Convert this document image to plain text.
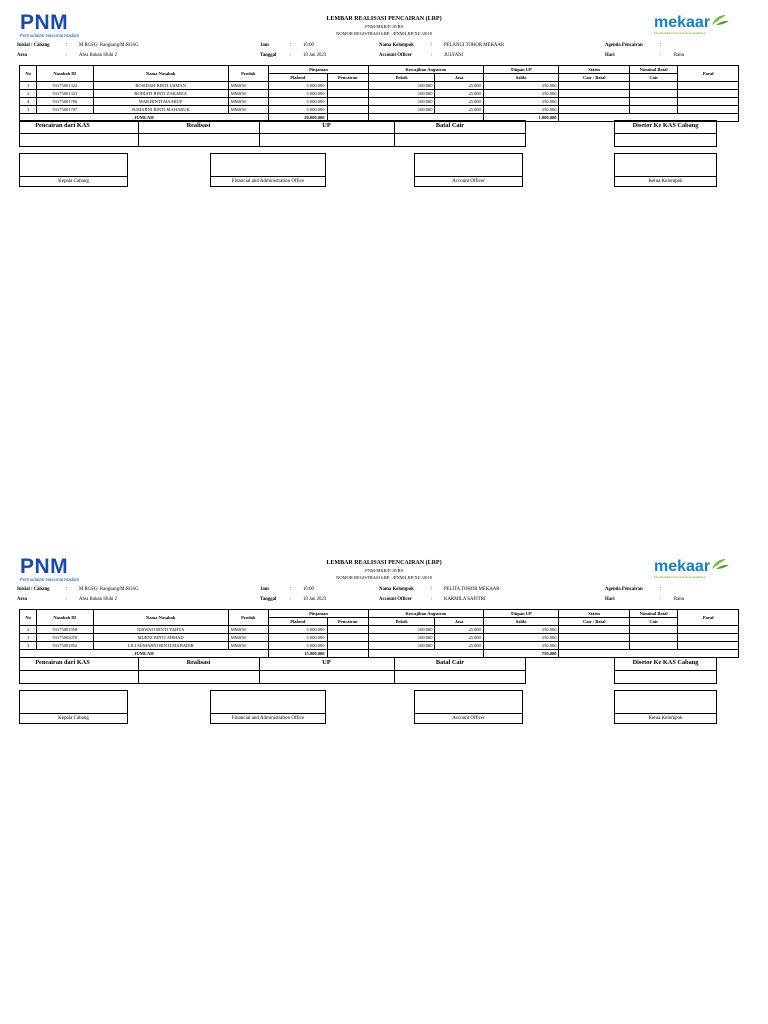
PNM
Permodalan Nasional Madani
mekaar
Membina Ekonomi Keluarga Sejahtera
LEMBAR REALISASI PENCAIRAN (LRP)
PNM-MKR/F-10/R0
NOMOR REGISTRASI LRP : /PNM/LRP/XI/ /2018
Inisial / Cabang	: M.RGSG- Rangsang/M.RGSG
Area	: Area Bukan Sluhi 2
Jam	: 10:00
Tanggal	: 18 Jan 2023
Nama Kelompok	: PELANGI TOHOR MEKAAR
Account Officer	: JULYANI
Agenda Pencairan	:
Hari	:	Rabu
No	Nasabah ID	Nama Nasabah	Produk	Pinjaman		Kewajiban Angsuran		Titipan UP	Status	Nominal Batal	Paraf
				Plafond	Pencairan	Pokok	Jasa	Saldo	Cair / Batal	Cair	
1	93175001322	ROSIDAH BINTI USMAN	MMS50	5.000.000		100.000	25.000	250.000			
2	93175001323	RODIATI BINTI ZAKARIA	MMS50	5.000.000		100.000	25.000	250.000			
4	93175001796	MAR BINTI MAARUF	MMS50	5.000.000		100.000	25.000	250.000			
3	93175001797	SUMARNI BINTI MAHARUK	MMS50	5.000.000		100.000	25.000	250.000			
JUMLAH				20.000.000				1.000.000			
Pencairan dari KAS	Realisasi	UP	Batal Cair	Disetor Ke KAS Cabang
Kepala Cabang	Financial and Administration Office	Account Officer	Ketua Kelompok
PNM
Permodalan Nasional Madani
mekaar
Membina Ekonomi Keluarga Sejahtera
LEMBAR REALISASI PENCAIRAN (LRP)
PNM-MKR/F-10/R0
NOMOR REGISTRASI LRP : /PNM/LRP/XI/ /2018
Inisial / Cabang	: M.RGSG- Rangsang/M.RGSG
Area	: Area Bukan Sluhi 2
Jam	: 10:00
Tanggal	: 18 Jan 2023
Nama Kelompok	: PELITA TOHOR MEKAAR
Account Officer	: KARMILA SAFITRI
Agenda Pencairan	:
Hari	:	Rabu
No	Nasabah ID	Nama Nasabah	Produk	Pinjaman		Kewajiban Angsuran		Titipan UP	Status	Nominal Batal	Paraf
				Plafond	Pencairan	Pokok	Jasa	Saldo	Cair / Batal	Cair	
2	93175001958	NISWATI BINTI YAHYA	MMS50	5.000.000		100.000	25.000	250.000			
1	93175002070	MURNI BINTI AHMAD	MMS50	5.000.000		100.000	25.000	250.000			
3	93175001852	LILI SUMARNI BINTI MAHADIR	MMS50	5.000.000		100.000	25.000	250.000			
JUMLAH				15.000.000				750.000			
Pencairan dari KAS	Realisasi	UP	Batal Cair	Disetor Ke KAS Cabang
Kepala Cabang	Financial and Administration Office	Account Officer	Ketua Kelompok
